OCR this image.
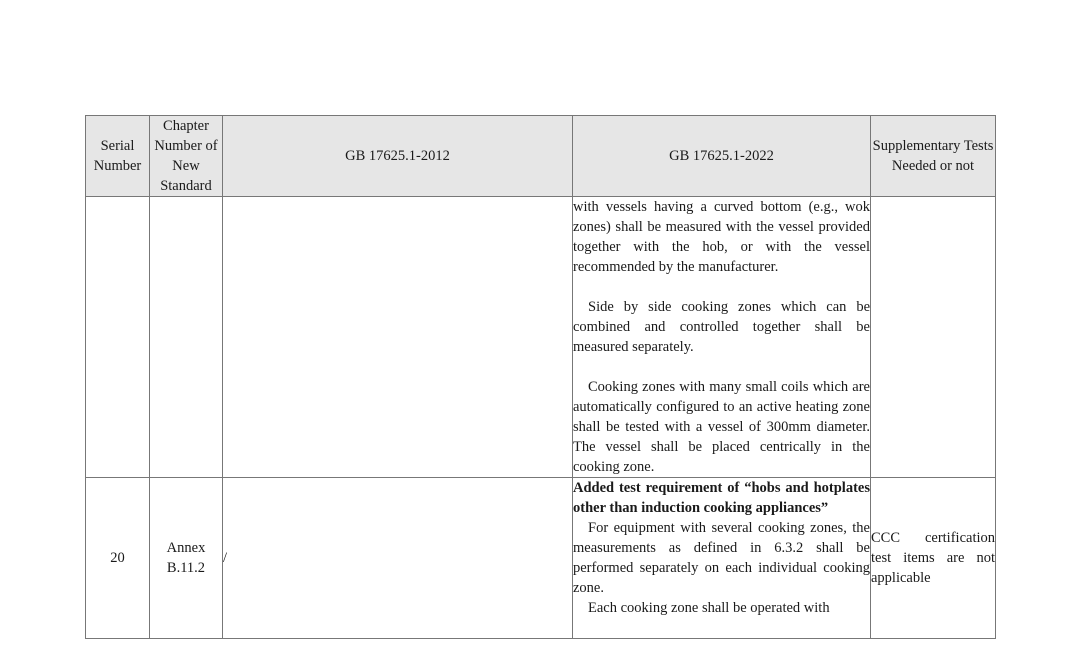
Serial Number	Chapter Number of New Standard	GB 17625.1-2012	GB 17625.1-2022	Supplementary Tests Needed or not

			with vessels having a curved bottom (e.g., wok zones) shall be measured with the vessel provided together with the hob, or with the vessel recommended by the manufacturer.

Side by side cooking zones which can be combined and controlled together shall be measured separately.

Cooking zones with many small coils which are automatically configured to an active heating zone shall be tested with a vessel of 300mm diameter. The vessel shall be placed centrically in the cooking zone.	

20	Annex B.11.2	/	Added test requirement of “hobs and hotplates other than induction cooking appliances”

For equipment with several cooking zones, the measurements as defined in 6.3.2 shall be performed separately on each individual cooking zone.

Each cooking zone shall be operated with	CCC certification test items are not applicable
